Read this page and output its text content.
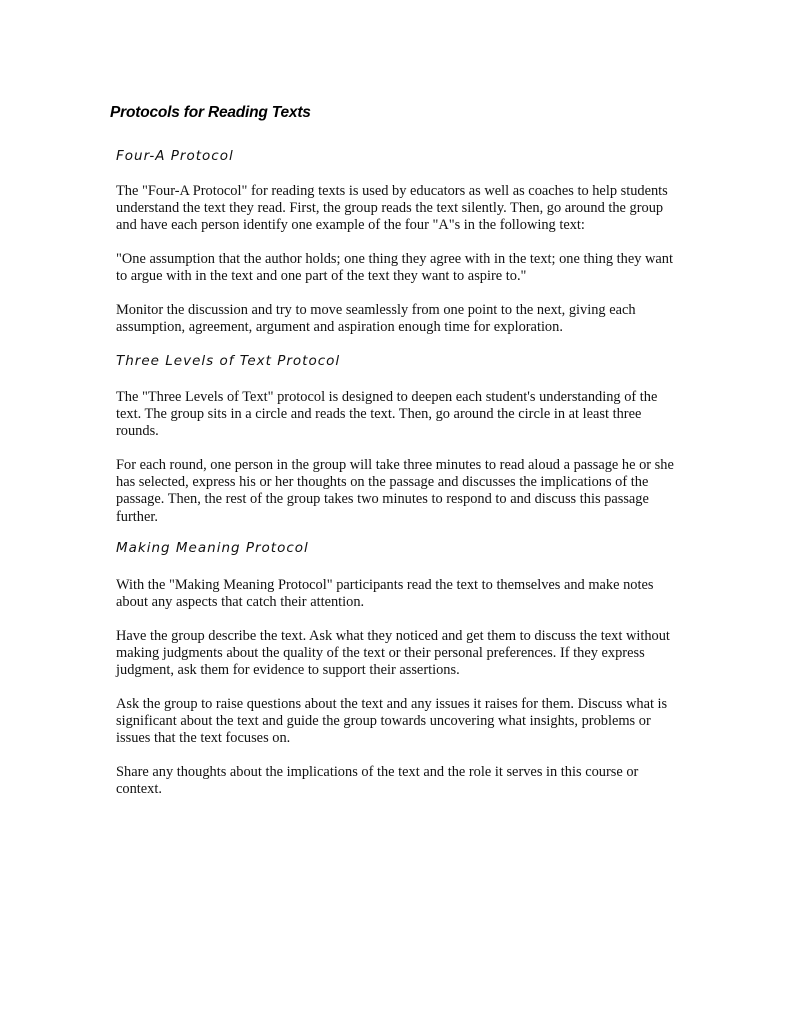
Protocols for Reading Texts
Four-A Protocol
The "Four-A Protocol" for reading texts is used by educators as well as coaches to help students
understand the text they read. First, the group reads the text silently. Then, go around the group
and have each person identify one example of the four "A"s in the following text:
"One assumption that the author holds; one thing they agree with in the text; one thing they want
to argue with in the text and one part of the text they want to aspire to."
Monitor the discussion and try to move seamlessly from one point to the next, giving each
assumption, agreement, argument and aspiration enough time for exploration.
Three Levels of Text Protocol
The "Three Levels of Text" protocol is designed to deepen each student's understanding of the
text. The group sits in a circle and reads the text. Then, go around the circle in at least three
rounds.
For each round, one person in the group will take three minutes to read aloud a passage he or she
has selected, express his or her thoughts on the passage and discusses the implications of the
passage. Then, the rest of the group takes two minutes to respond to and discuss this passage
further.
Making Meaning Protocol
With the "Making Meaning Protocol" participants read the text to themselves and make notes
about any aspects that catch their attention.
Have the group describe the text. Ask what they noticed and get them to discuss the text without
making judgments about the quality of the text or their personal preferences. If they express
judgment, ask them for evidence to support their assertions.
Ask the group to raise questions about the text and any issues it raises for them. Discuss what is
significant about the text and guide the group towards uncovering what insights, problems or
issues that the text focuses on.
Share any thoughts about the implications of the text and the role it serves in this course or
context.
